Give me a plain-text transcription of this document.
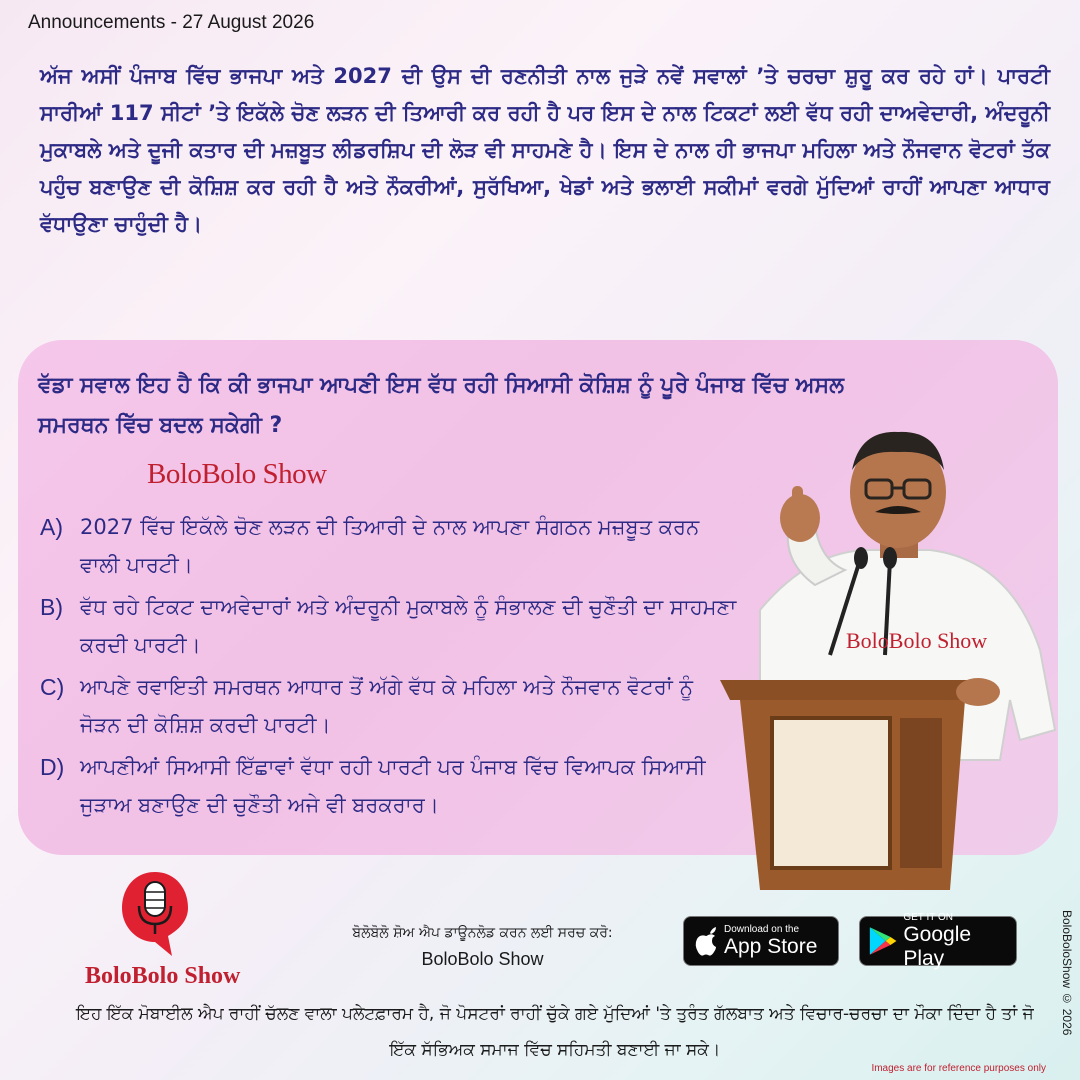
Announcements - 27 August 2026
ਅੱਜ ਅਸੀਂ ਪੰਜਾਬ ਵਿੱਚ ਭਾਜਪਾ ਅਤੇ 2027 ਦੀ ਉਸ ਦੀ ਰਣਨੀਤੀ ਨਾਲ ਜੁੜੇ ਨਵੇਂ ਸਵਾਲਾਂ ’ਤੇ ਚਰਚਾ ਸ਼ੁਰੂ ਕਰ ਰਹੇ ਹਾਂ। ਪਾਰਟੀ ਸਾਰੀਆਂ 117 ਸੀਟਾਂ ’ਤੇ ਇਕੱਲੇ ਚੋਣ ਲੜਨ ਦੀ ਤਿਆਰੀ ਕਰ ਰਹੀ ਹੈ ਪਰ ਇਸ ਦੇ ਨਾਲ ਟਿਕਟਾਂ ਲਈ ਵੱਧ ਰਹੀ ਦਾਅਵੇਦਾਰੀ, ਅੰਦਰੂਨੀ ਮੁਕਾਬਲੇ ਅਤੇ ਦੂਜੀ ਕਤਾਰ ਦੀ ਮਜ਼ਬੂਤ ਲੀਡਰਸ਼ਿਪ ਦੀ ਲੋੜ ਵੀ ਸਾਹਮਣੇ ਹੈ। ਇਸ ਦੇ ਨਾਲ ਹੀ ਭਾਜਪਾ ਮਹਿਲਾ ਅਤੇ ਨੌਜਵਾਨ ਵੋਟਰਾਂ ਤੱਕ ਪਹੁੰਚ ਬਣਾਉਣ ਦੀ ਕੋਸ਼ਿਸ਼ ਕਰ ਰਹੀ ਹੈ ਅਤੇ ਨੌਕਰੀਆਂ, ਸੁਰੱਖਿਆ, ਖੇਡਾਂ ਅਤੇ ਭਲਾਈ ਸਕੀਮਾਂ ਵਰਗੇ ਮੁੱਦਿਆਂ ਰਾਹੀਂ ਆਪਣਾ ਆਧਾਰ ਵੱਧਾਉਣਾ ਚਾਹੁੰਦੀ ਹੈ।
ਵੱਡਾ ਸਵਾਲ ਇਹ ਹੈ ਕਿ ਕੀ ਭਾਜਪਾ ਆਪਣੀ ਇਸ ਵੱਧ ਰਹੀ ਸਿਆਸੀ ਕੋਸ਼ਿਸ਼ ਨੂੰ ਪੂਰੇ ਪੰਜਾਬ ਵਿੱਚ ਅਸਲ ਸਮਰਥਨ ਵਿੱਚ ਬਦਲ ਸਕੇਗੀ ?
BoloBolo Show
A) 2027 ਵਿੱਚ ਇਕੱਲੇ ਚੋਣ ਲੜਨ ਦੀ ਤਿਆਰੀ ਦੇ ਨਾਲ ਆਪਣਾ ਸੰਗਠਨ ਮਜ਼ਬੂਤ ਕਰਨ ਵਾਲੀ ਪਾਰਟੀ।
B) ਵੱਧ ਰਹੇ ਟਿਕਟ ਦਾਅਵੇਦਾਰਾਂ ਅਤੇ ਅੰਦਰੂਨੀ ਮੁਕਾਬਲੇ ਨੂੰ ਸੰਭਾਲਣ ਦੀ ਚੁਣੌਤੀ ਦਾ ਸਾਹਮਣਾ ਕਰਦੀ ਪਾਰਟੀ।
C) ਆਪਣੇ ਰਵਾਇਤੀ ਸਮਰਥਨ ਆਧਾਰ ਤੋਂ ਅੱਗੇ ਵੱਧ ਕੇ ਮਹਿਲਾ ਅਤੇ ਨੌਜਵਾਨ ਵੋਟਰਾਂ ਨੂੰ ਜੋੜਨ ਦੀ ਕੋਸ਼ਿਸ਼ ਕਰਦੀ ਪਾਰਟੀ।
D) ਆਪਣੀਆਂ ਸਿਆਸੀ ਇੱਛਾਵਾਂ ਵੱਧਾ ਰਹੀ ਪਾਰਟੀ ਪਰ ਪੰਜਾਬ ਵਿੱਚ ਵਿਆਪਕ ਸਿਆਸੀ ਜੁੜਾਅ ਬਣਾਉਣ ਦੀ ਚੁਣੌਤੀ ਅਜੇ ਵੀ ਬਰਕਰਾਰ।
BoloBolo Show
BoloBolo Show
ਬੋਲੋਬੋਲੋ ਸ਼ੋਅ ਐਪ ਡਾਊਨਲੋਡ ਕਰਨ ਲਈ ਸਰਚ ਕਰੋ:
BoloBolo Show
Download on the
App Store
GET IT ON
Google Play
ਇਹ ਇੱਕ ਮੋਬਾਈਲ ਐਪ ਰਾਹੀਂ ਚੱਲਣ ਵਾਲਾ ਪਲੇਟਫ਼ਾਰਮ ਹੈ, ਜੋ ਪੋਸਟਰਾਂ ਰਾਹੀਂ ਚੁੱਕੇ ਗਏ ਮੁੱਦਿਆਂ 'ਤੇ ਤੁਰੰਤ ਗੱਲਬਾਤ ਅਤੇ ਵਿਚਾਰ-ਚਰਚਾ ਦਾ ਮੌਕਾ ਦਿੰਦਾ ਹੈ ਤਾਂ ਜੋ ਇੱਕ ਸੱਭਿਅਕ ਸਮਾਜ ਵਿੱਚ ਸਹਿਮਤੀ ਬਣਾਈ ਜਾ ਸਕੇ।
BoloBoloShow © 2026
Images are for reference purposes only
